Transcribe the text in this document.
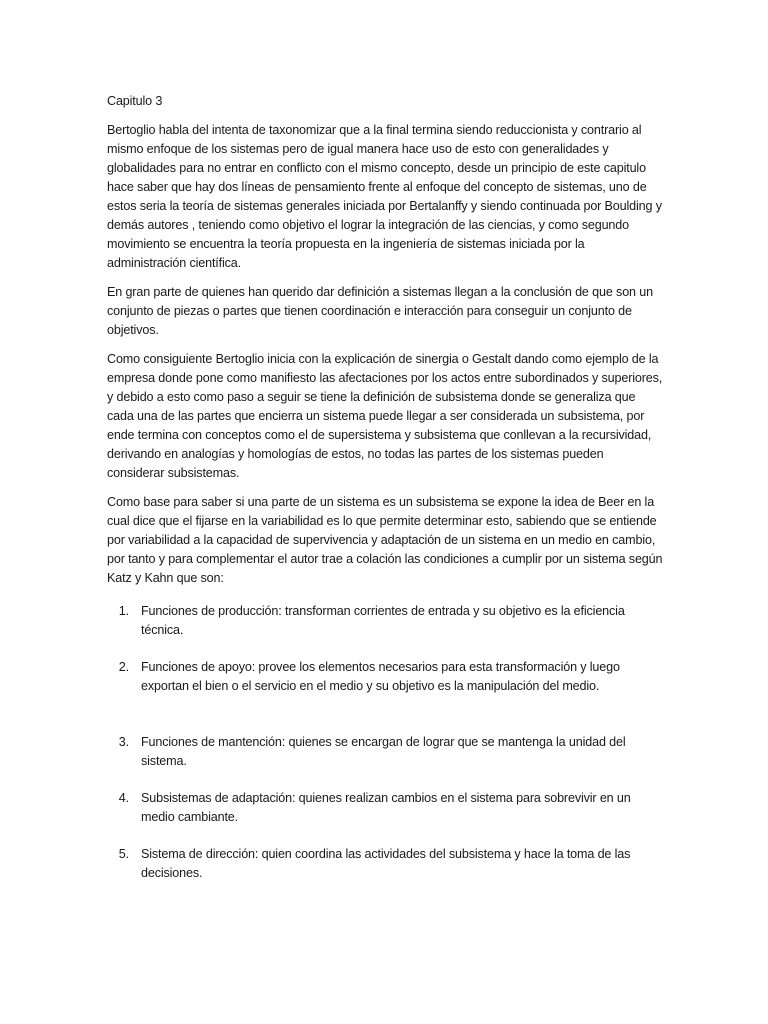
Capitulo 3

Bertoglio habla del intenta de taxonomizar que a la final termina siendo reduccionista y contrario al mismo enfoque de los sistemas pero de igual manera hace uso de esto con generalidades y globalidades para no entrar en conflicto con el mismo concepto, desde un principio de este capitulo hace saber que hay dos líneas de pensamiento frente al enfoque del concepto de sistemas, uno de estos seria la teoría de sistemas generales iniciada por Bertalanffy y siendo continuada por Boulding y demás autores , teniendo como objetivo el lograr la integración de las ciencias, y como segundo movimiento se encuentra la teoría propuesta en la ingeniería de sistemas iniciada por la administración científica.

En gran parte de quienes han querido dar definición a sistemas llegan a la conclusión de que son un conjunto de piezas o partes que tienen coordinación e interacción para conseguir un conjunto de objetivos.

Como consiguiente Bertoglio inicia con la explicación de sinergia o Gestalt dando como ejemplo de la empresa donde pone como manifiesto las afectaciones por los actos entre subordinados y superiores, y debido a esto como paso a seguir se tiene la definición de subsistema donde se generaliza que cada una de las partes que encierra un sistema puede llegar a ser considerada un subsistema, por ende termina con conceptos como el de supersistema y subsistema que conllevan a la recursividad, derivando en analogías y homologías de estos, no todas las partes de los sistemas pueden considerar subsistemas.

Como base para saber si una parte de un sistema es un subsistema se expone la idea de Beer en la cual dice que el fijarse en la variabilidad es lo que permite determinar esto, sabiendo que se entiende por variabilidad a la capacidad de supervivencia y adaptación de un sistema en un medio en cambio, por tanto y para complementar el autor trae a colación las condiciones a cumplir por un sistema según Katz y Kahn que son:

1. Funciones de producción: transforman corrientes de entrada y su objetivo es la eficiencia técnica.
2. Funciones de apoyo: provee los elementos necesarios para esta transformación y luego exportan el bien o el servicio en el medio y su objetivo es la manipulación del medio.
3. Funciones de mantención: quienes se encargan de lograr que se mantenga la unidad del sistema.
4. Subsistemas de adaptación: quienes realizan cambios en el sistema para sobrevivir en un medio cambiante.
5. Sistema de dirección: quien coordina las actividades del subsistema y hace la toma de las decisiones.
